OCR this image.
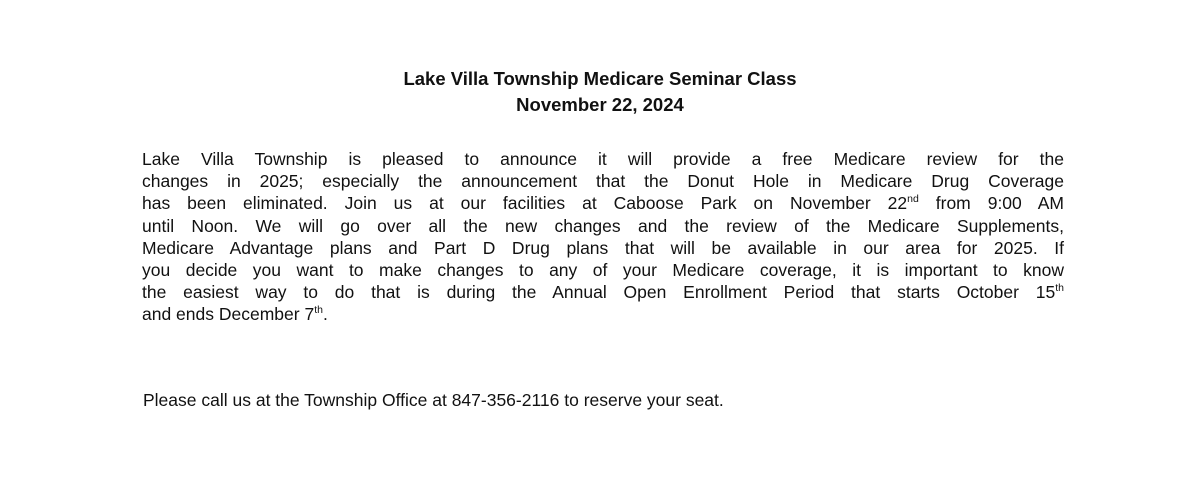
Lake Villa Township Medicare Seminar Class
November 22, 2024
Lake Villa Township is pleased to announce it will provide a free Medicare review for the
changes in 2025; especially the announcement that the Donut Hole in Medicare Drug Coverage
has been eliminated. Join us at our facilities at Caboose Park on November 22nd from 9:00 AM
until Noon. We will go over all the new changes and the review of the Medicare Supplements,
Medicare Advantage plans and Part D Drug plans that will be available in our area for 2025. If
you decide you want to make changes to any of your Medicare coverage, it is important to know
the easiest way to do that is during the Annual Open Enrollment Period that starts October 15th
and ends December 7th.
Please call us at the Township Office at 847-356-2116 to reserve your seat.
